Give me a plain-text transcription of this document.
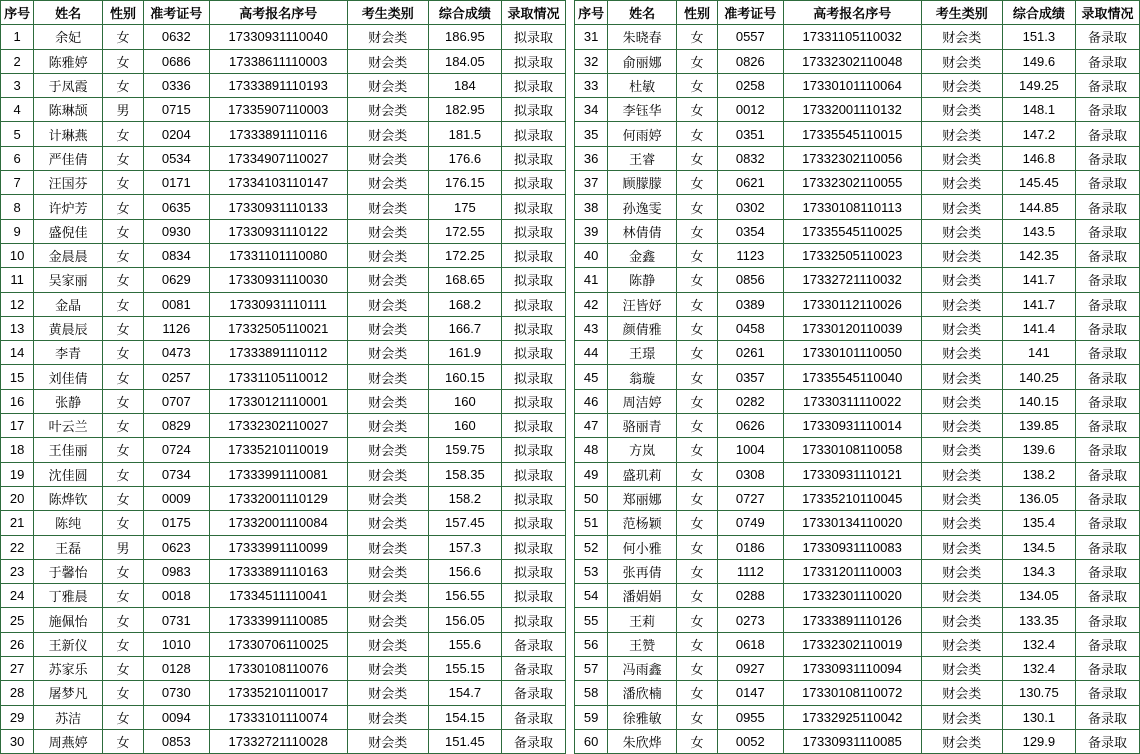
序号	姓名	性别	准考证号	高考报名序号	考生类别	综合成绩	录取情况
1	余妃	女	0632	17330931110040	财会类	186.95	拟录取
2	陈雅婷	女	0686	17338611110003	财会类	184.05	拟录取
3	于凤霞	女	0336	17333891110193	财会类	184	拟录取
4	陈琳颉	男	0715	17335907110003	财会类	182.95	拟录取
5	计琳燕	女	0204	17333891110116	财会类	181.5	拟录取
6	严佳倩	女	0534	17334907110027	财会类	176.6	拟录取
7	汪国芬	女	0171	17334103110147	财会类	176.15	拟录取
8	许炉芳	女	0635	17330931110133	财会类	175	拟录取
9	盛倪佳	女	0930	17330931110122	财会类	172.55	拟录取
10	金晨晨	女	0834	17331101110080	财会类	172.25	拟录取
11	吴家丽	女	0629	17330931110030	财会类	168.65	拟录取
12	金晶	女	0081	17330931110111	财会类	168.2	拟录取
13	黄晨辰	女	1126	17332505110021	财会类	166.7	拟录取
14	李青	女	0473	17333891110112	财会类	161.9	拟录取
15	刘佳倩	女	0257	17331105110012	财会类	160.15	拟录取
16	张静	女	0707	17330121110001	财会类	160	拟录取
17	叶云兰	女	0829	17332302110027	财会类	160	拟录取
18	王佳丽	女	0724	17335210110019	财会类	159.75	拟录取
19	沈佳圆	女	0734	17333991110081	财会类	158.35	拟录取
20	陈烨钦	女	0009	17332001110129	财会类	158.2	拟录取
21	陈纯	女	0175	17332001110084	财会类	157.45	拟录取
22	王磊	男	0623	17333991110099	财会类	157.3	拟录取
23	于馨怡	女	0983	17333891110163	财会类	156.6	拟录取
24	丁雅晨	女	0018	17334511110041	财会类	156.55	拟录取
25	施佩怡	女	0731	17333991110085	财会类	156.05	拟录取
26	王新仪	女	1010	17330706110025	财会类	155.6	备录取
27	苏家乐	女	0128	17330108110076	财会类	155.15	备录取
28	屠梦凡	女	0730	17335210110017	财会类	154.7	备录取
29	苏洁	女	0094	17333101110074	财会类	154.15	备录取
30	周燕婷	女	0853	17332721110028	财会类	151.45	备录取
序号	姓名	性别	准考证号	高考报名序号	考生类别	综合成绩	录取情况
31	朱晓春	女	0557	17331105110032	财会类	151.3	备录取
32	俞丽娜	女	0826	17332302110048	财会类	149.6	备录取
33	杜敏	女	0258	17330101110064	财会类	149.25	备录取
34	李钰华	女	0012	17332001110132	财会类	148.1	备录取
35	何雨婷	女	0351	17335545110015	财会类	147.2	备录取
36	王睿	女	0832	17332302110056	财会类	146.8	备录取
37	顾朦朦	女	0621	17332302110055	财会类	145.45	备录取
38	孙逸雯	女	0302	17330108110113	财会类	144.85	备录取
39	林倩倩	女	0354	17335545110025	财会类	143.5	备录取
40	金鑫	女	1123	17332505110023	财会类	142.35	备录取
41	陈静	女	0856	17332721110032	财会类	141.7	备录取
42	汪皆妤	女	0389	17330112110026	财会类	141.7	备录取
43	颜倩雅	女	0458	17330120110039	财会类	141.4	备录取
44	王璟	女	0261	17330101110050	财会类	141	备录取
45	翁璇	女	0357	17335545110040	财会类	140.25	备录取
46	周洁婷	女	0282	17330311110022	财会类	140.15	备录取
47	骆丽青	女	0626	17330931110014	财会类	139.85	备录取
48	方岚	女	1004	17330108110058	财会类	139.6	备录取
49	盛玑莉	女	0308	17330931110121	财会类	138.2	备录取
50	郑丽娜	女	0727	17335210110045	财会类	136.05	备录取
51	范杨颖	女	0749	17330134110020	财会类	135.4	备录取
52	何小雅	女	0186	17330931110083	财会类	134.5	备录取
53	张再倩	女	1112	17331201110003	财会类	134.3	备录取
54	潘娟娟	女	0288	17332301110020	财会类	134.05	备录取
55	王莉	女	0273	17333891110126	财会类	133.35	备录取
56	王赞	女	0618	17332302110019	财会类	132.4	备录取
57	冯雨鑫	女	0927	17330931110094	财会类	132.4	备录取
58	潘欣楠	女	0147	17330108110072	财会类	130.75	备录取
59	徐雅敏	女	0955	17332925110042	财会类	130.1	备录取
60	朱欣烨	女	0052	17330931110085	财会类	129.9	备录取
